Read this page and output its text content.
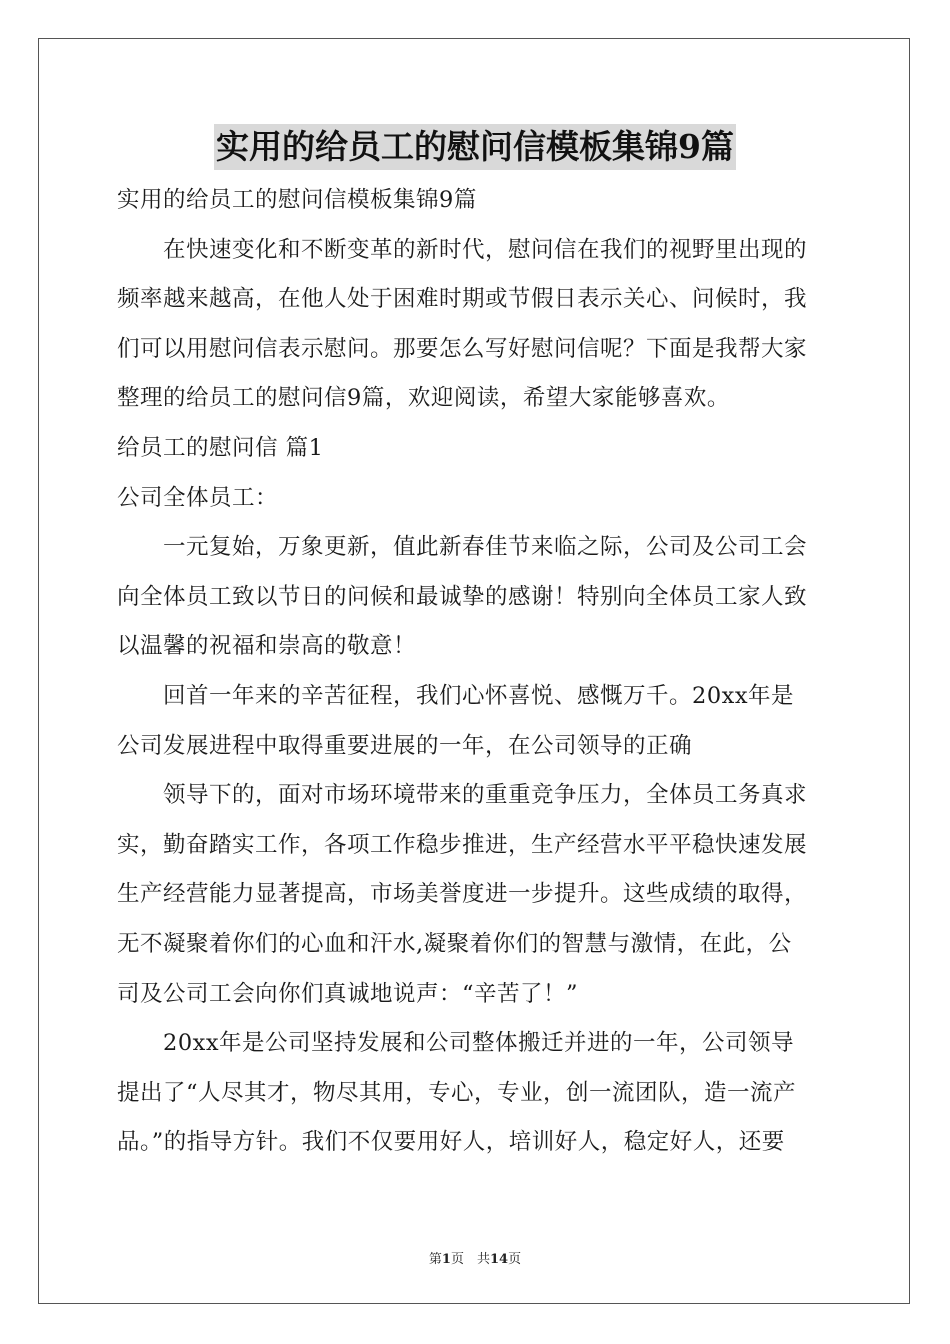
实用的给员工的慰问信模板集锦9篇

实用的给员工的慰问信模板集锦9篇

在快速变化和不断变革的新时代，慰问信在我们的视野里出现的

频率越来越高，在他人处于困难时期或节假日表示关心、问候时，我

们可以用慰问信表示慰问。那要怎么写好慰问信呢？下面是我帮大家

整理的给员工的慰问信9篇，欢迎阅读，希望大家能够喜欢。

给员工的慰问信 篇1

公司全体员工：

一元复始，万象更新，值此新春佳节来临之际，公司及公司工会

向全体员工致以节日的问候和最诚挚的感谢！特别向全体员工家人致

以温馨的祝福和崇高的敬意！

回首一年来的辛苦征程，我们心怀喜悦、感慨万千。20xx年是

公司发展进程中取得重要进展的一年，在公司领导的正确

领导下的，面对市场环境带来的重重竞争压力，全体员工务真求

实，勤奋踏实工作，各项工作稳步推进，生产经营水平平稳快速发展

生产经营能力显著提高，市场美誉度进一步提升。这些成绩的取得，

无不凝聚着你们的心血和汗水,凝聚着你们的智慧与激情，在此，公

司及公司工会向你们真诚地说声：“辛苦了！”

20xx年是公司坚持发展和公司整体搬迁并进的一年，公司领导

提出了“人尽其才，物尽其用，专心，专业，创一流团队，造一流产

品。”的指导方针。我们不仅要用好人，培训好人，稳定好人，还要

第1页　共14页
